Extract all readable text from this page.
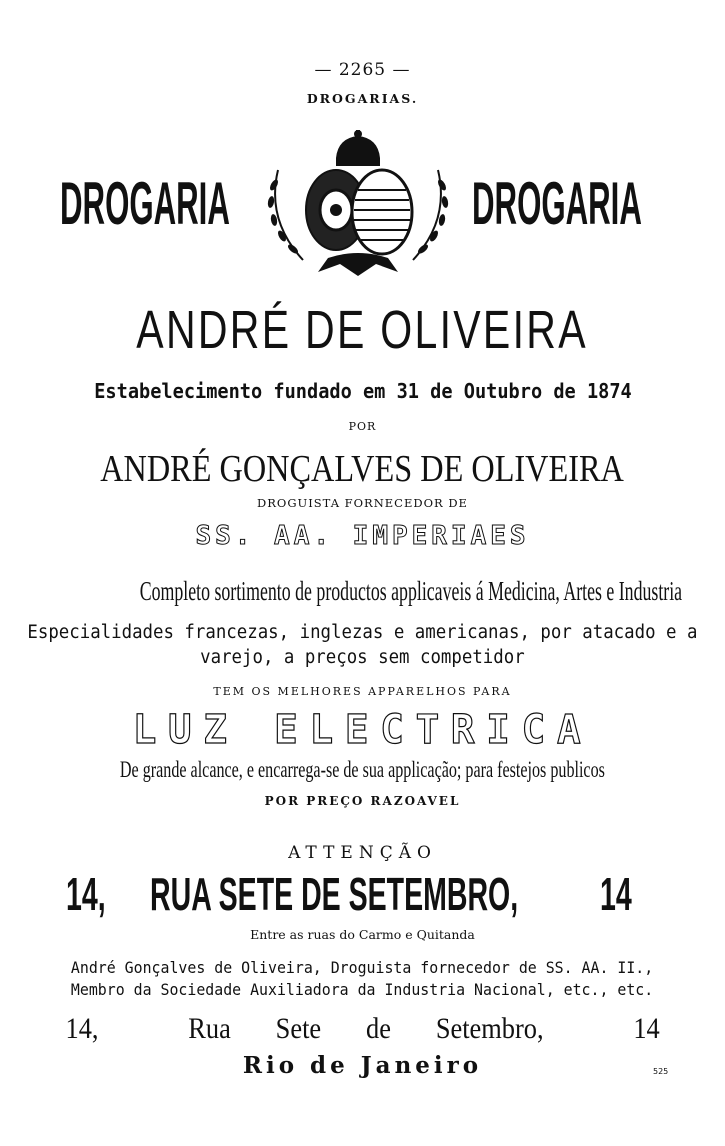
— 2265 —
DROGARIAS.
DROGARIA	DROGARIA
ANDRÉ DE OLIVEIRA
Estabelecimento fundado em 31 de Outubro de 1874
POR
ANDRÉ GONÇALVES DE OLIVEIRA
DROGUISTA FORNECEDOR DE
SS. AA. IMPERIAES
Completo sortimento de productos applicaveis á Medicina, Artes e Industria
Especialidades francezas, inglezas e americanas, por atacado e a
varejo, a preços sem competidor
TEM OS MELHORES APPARELHOS PARA
LUZ ELECTRICA
De grande alcance, e encarrega-se de sua applicação; para festejos publicos
POR PREÇO RAZOAVEL
ATTENÇÃO
14, RUA SETE DE SETEMBRO,	14
Entre as ruas do Carmo e Quitanda
André Gonçalves de Oliveira, Droguista fornecedor de SS. AA. II.,
Membro da Sociedade Auxiliadora da Industria Nacional, etc., etc.
14,    Rua  Sete  de  Setembro,    14
Rio de Janeiro	525
